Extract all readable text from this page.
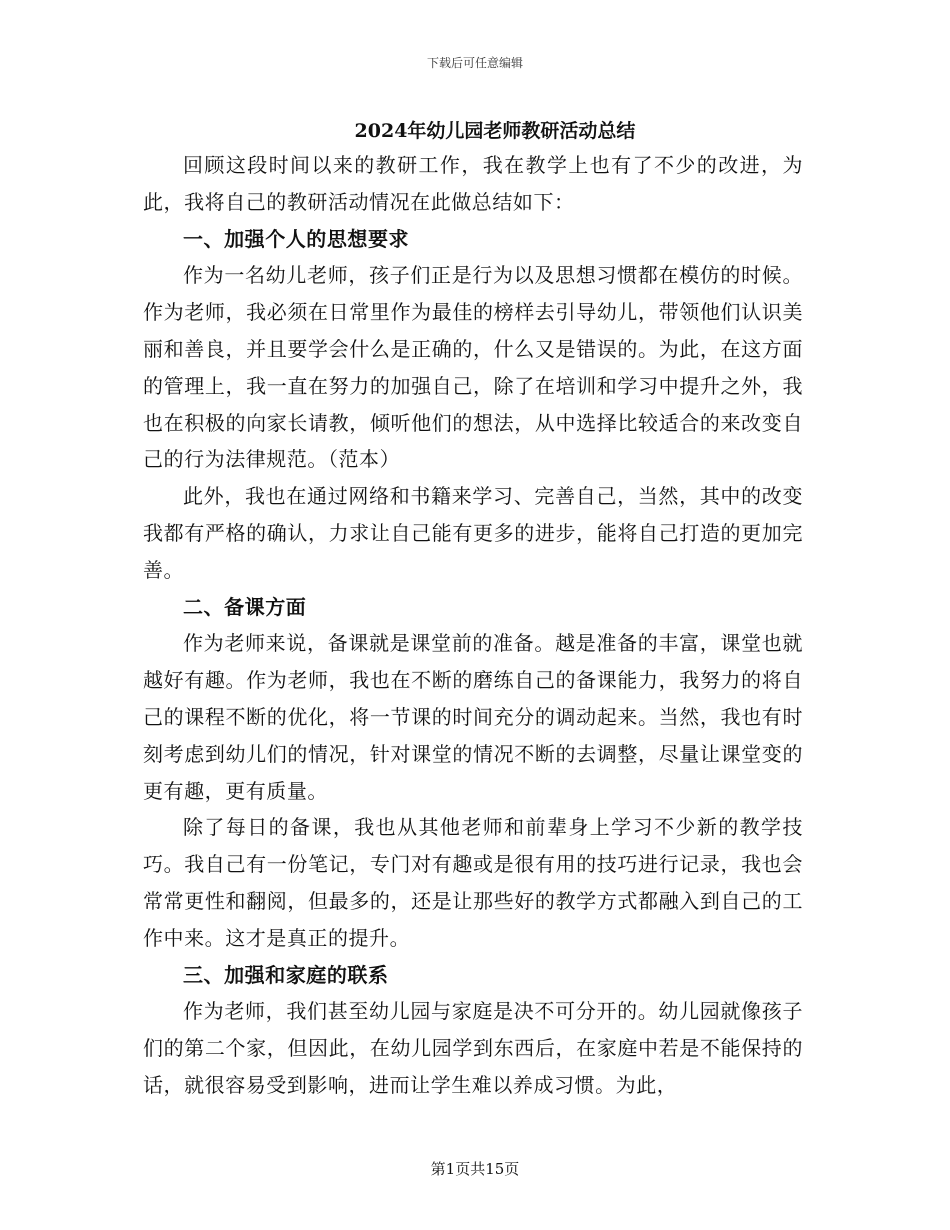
下载后可任意编辑
2024年幼儿园老师教研活动总结

回顾这段时间以来的教研工作，我在教学上也有了不少的改进，为此，我将自己的教研活动情况在此做总结如下：

一、加强个人的思想要求

作为一名幼儿老师，孩子们正是行为以及思想习惯都在模仿的时候。作为老师，我必须在日常里作为最佳的榜样去引导幼儿，带领他们认识美丽和善良，并且要学会什么是正确的，什么又是错误的。为此，在这方面的管理上，我一直在努力的加强自己，除了在培训和学习中提升之外，我也在积极的向家长请教，倾听他们的想法，从中选择比较适合的来改变自己的行为法律规范。（范本）

此外，我也在通过网络和书籍来学习、完善自己，当然，其中的改变我都有严格的确认，力求让自己能有更多的进步，能将自己打造的更加完善。

二、备课方面

作为老师来说，备课就是课堂前的准备。越是准备的丰富，课堂也就越好有趣。作为老师，我也在不断的磨练自己的备课能力，我努力的将自己的课程不断的优化，将一节课的时间充分的调动起来。当然，我也有时刻考虑到幼儿们的情况，针对课堂的情况不断的去调整，尽量让课堂变的更有趣，更有质量。

除了每日的备课，我也从其他老师和前辈身上学习不少新的教学技巧。我自己有一份笔记，专门对有趣或是很有用的技巧进行记录，我也会常常更性和翻阅，但最多的，还是让那些好的教学方式都融入到自己的工作中来。这才是真正的提升。

三、加强和家庭的联系

作为老师，我们甚至幼儿园与家庭是决不可分开的。幼儿园就像孩子们的第二个家，但因此，在幼儿园学到东西后，在家庭中若是不能保持的话，就很容易受到影响，进而让学生难以养成习惯。为此，

第1页共15页
